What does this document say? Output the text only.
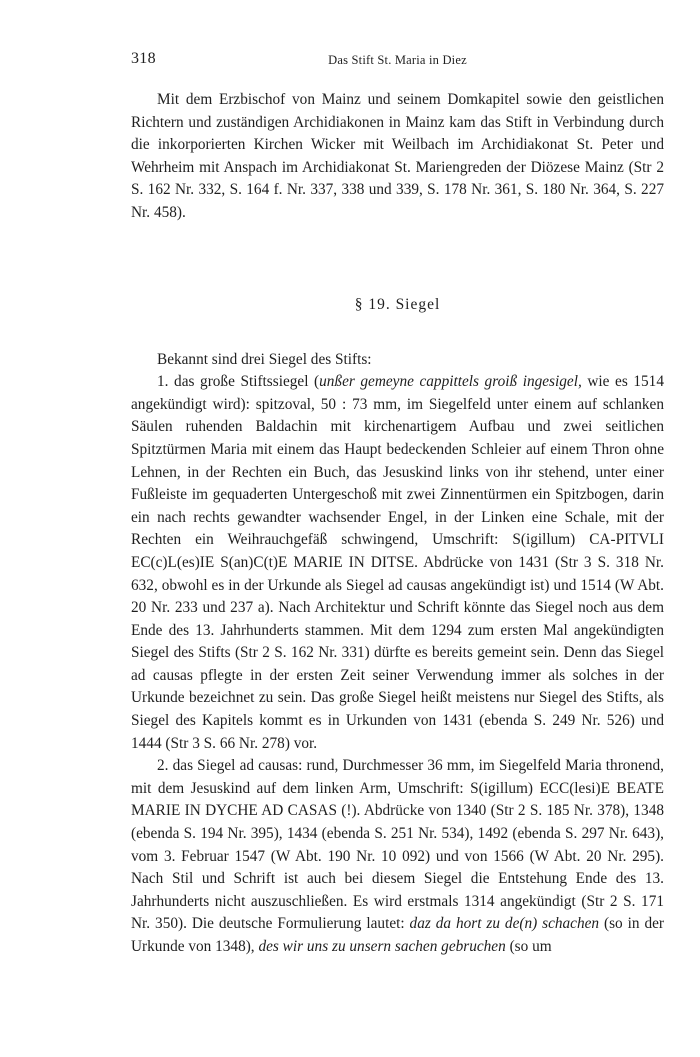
318	Das Stift St. Maria in Diez

Mit dem Erzbischof von Mainz und seinem Domkapitel sowie den geistlichen Richtern und zuständigen Archidiakonen in Mainz kam das Stift in Verbindung durch die inkorporierten Kirchen Wicker mit Weilbach im Archidiakonat St. Peter und Wehrheim mit Anspach im Archidiakonat St. Mariengreden der Diözese Mainz (Str 2 S. 162 Nr. 332, S. 164 f. Nr. 337, 338 und 339, S. 178 Nr. 361, S. 180 Nr. 364, S. 227 Nr. 458).

§ 19. Siegel

Bekannt sind drei Siegel des Stifts:

1. das große Stiftssiegel (unßer gemeyne cappittels groiß ingesigel, wie es 1514 angekündigt wird): spitzoval, 50 : 73 mm, im Siegelfeld unter einem auf schlanken Säulen ruhenden Baldachin mit kirchenartigem Aufbau und zwei seitlichen Spitztürmen Maria mit einem das Haupt bedeckenden Schleier auf einem Thron ohne Lehnen, in der Rechten ein Buch, das Jesuskind links von ihr stehend, unter einer Fußleiste im gequaderten Untergeschoß mit zwei Zinnentürmen ein Spitzbogen, darin ein nach rechts gewandter wachsender Engel, in der Linken eine Schale, mit der Rechten ein Weihrauchgefäß schwingend, Umschrift: S(igillum) CA-PITVLI EC(c)L(es)IE S(an)C(t)E MARIE IN DITSE. Abdrücke von 1431 (Str 3 S. 318 Nr. 632, obwohl es in der Urkunde als Siegel ad causas angekündigt ist) und 1514 (W Abt. 20 Nr. 233 und 237 a). Nach Architektur und Schrift könnte das Siegel noch aus dem Ende des 13. Jahrhunderts stammen. Mit dem 1294 zum ersten Mal angekündigten Siegel des Stifts (Str 2 S. 162 Nr. 331) dürfte es bereits gemeint sein. Denn das Siegel ad causas pflegte in der ersten Zeit seiner Verwendung immer als solches in der Urkunde bezeichnet zu sein. Das große Siegel heißt meistens nur Siegel des Stifts, als Siegel des Kapitels kommt es in Urkunden von 1431 (ebenda S. 249 Nr. 526) und 1444 (Str 3 S. 66 Nr. 278) vor.

2. das Siegel ad causas: rund, Durchmesser 36 mm, im Siegelfeld Maria thronend, mit dem Jesuskind auf dem linken Arm, Umschrift: S(igillum) ECC(lesi)E BEATE MARIE IN DYCHE AD CASAS (!). Abdrücke von 1340 (Str 2 S. 185 Nr. 378), 1348 (ebenda S. 194 Nr. 395), 1434 (ebenda S. 251 Nr. 534), 1492 (ebenda S. 297 Nr. 643), vom 3. Februar 1547 (W Abt. 190 Nr. 10 092) und von 1566 (W Abt. 20 Nr. 295). Nach Stil und Schrift ist auch bei diesem Siegel die Entstehung Ende des 13. Jahrhunderts nicht auszuschließen. Es wird erstmals 1314 angekündigt (Str 2 S. 171 Nr. 350). Die deutsche Formulierung lautet: daz da hort zu de(n) schachen (so in der Urkunde von 1348), des wir uns zu unsern sachen gebruchen (so um
